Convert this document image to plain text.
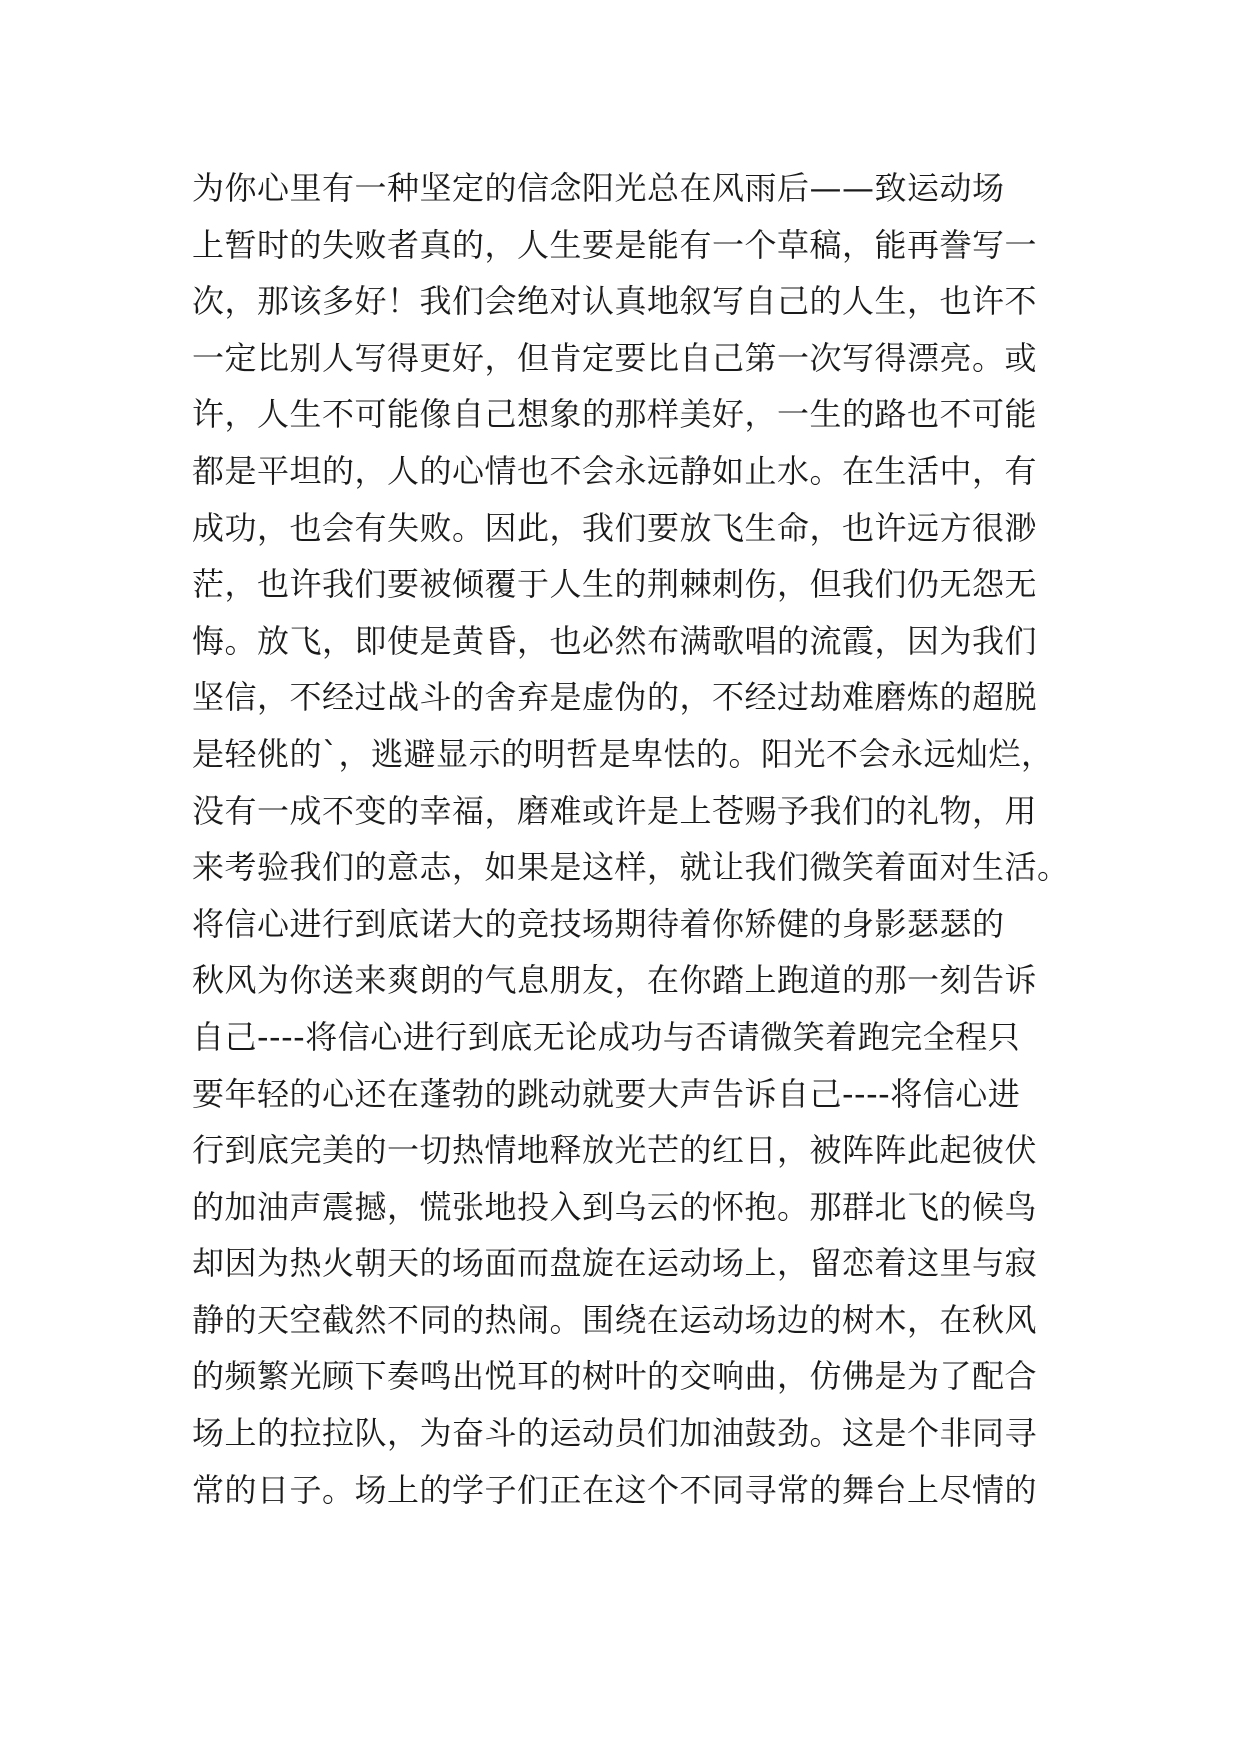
为你心里有一种坚定的信念阳光总在风雨后——致运动场
上暂时的失败者真的，人生要是能有一个草稿，能再誊写一
次，那该多好！我们会绝对认真地叙写自己的人生，也许不
一定比别人写得更好，但肯定要比自己第一次写得漂亮。或
许，人生不可能像自己想象的那样美好，一生的路也不可能
都是平坦的，人的心情也不会永远静如止水。在生活中，有
成功，也会有失败。因此，我们要放飞生命，也许远方很渺
茫，也许我们要被倾覆于人生的荆棘刺伤，但我们仍无怨无
悔。放飞，即使是黄昏，也必然布满歌唱的流霞，因为我们
坚信，不经过战斗的舍弃是虚伪的，不经过劫难磨炼的超脱
是轻佻的`，逃避显示的明哲是卑怯的。阳光不会永远灿烂，
没有一成不变的幸福，磨难或许是上苍赐予我们的礼物，用
来考验我们的意志，如果是这样，就让我们微笑着面对生活。
将信心进行到底诺大的竞技场期待着你矫健的身影瑟瑟的
秋风为你送来爽朗的气息朋友，在你踏上跑道的那一刻告诉
自己----将信心进行到底无论成功与否请微笑着跑完全程只
要年轻的心还在蓬勃的跳动就要大声告诉自己----将信心进
行到底完美的一切热情地释放光芒的红日，被阵阵此起彼伏
的加油声震撼，慌张地投入到乌云的怀抱。那群北飞的候鸟
却因为热火朝天的场面而盘旋在运动场上，留恋着这里与寂
静的天空截然不同的热闹。围绕在运动场边的树木，在秋风
的频繁光顾下奏鸣出悦耳的树叶的交响曲，仿佛是为了配合
场上的拉拉队，为奋斗的运动员们加油鼓劲。这是个非同寻
常的日子。场上的学子们正在这个不同寻常的舞台上尽情的
